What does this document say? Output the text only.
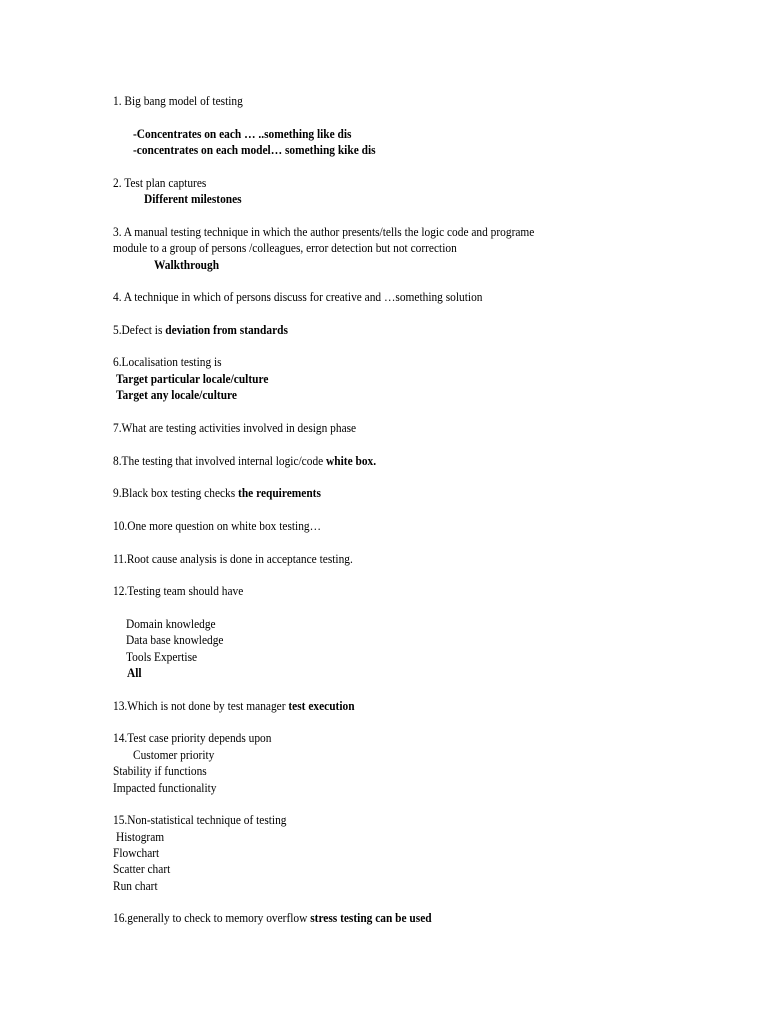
1. Big bang model of testing
-Concentrates on each … ..something like dis
-concentrates on each model… something kike dis
2. Test plan captures
Different milestones
3. A manual testing technique in which the author presents/tells the logic code and programe
module to a group of persons /colleagues, error detection but not correction
Walkthrough
4. A technique in which of persons discuss for creative and …something solution
5.Defect is deviation from standards
6.Localisation testing is
Target particular locale/culture
Target any locale/culture
7.What are testing activities involved in design phase
8.The testing that involved internal logic/code white box.
9.Black box testing checks the requirements
10.One more question on white box testing…
11.Root cause analysis is done in acceptance testing.
12.Testing team should have
Domain knowledge
Data base knowledge
Tools Expertise
All
13.Which is not done by test manager test execution
14.Test case priority depends upon
Customer priority
Stability if functions
Impacted functionality
15.Non-statistical technique of testing
Histogram
Flowchart
Scatter chart
Run chart
16.generally to check to memory overflow stress testing can be used
